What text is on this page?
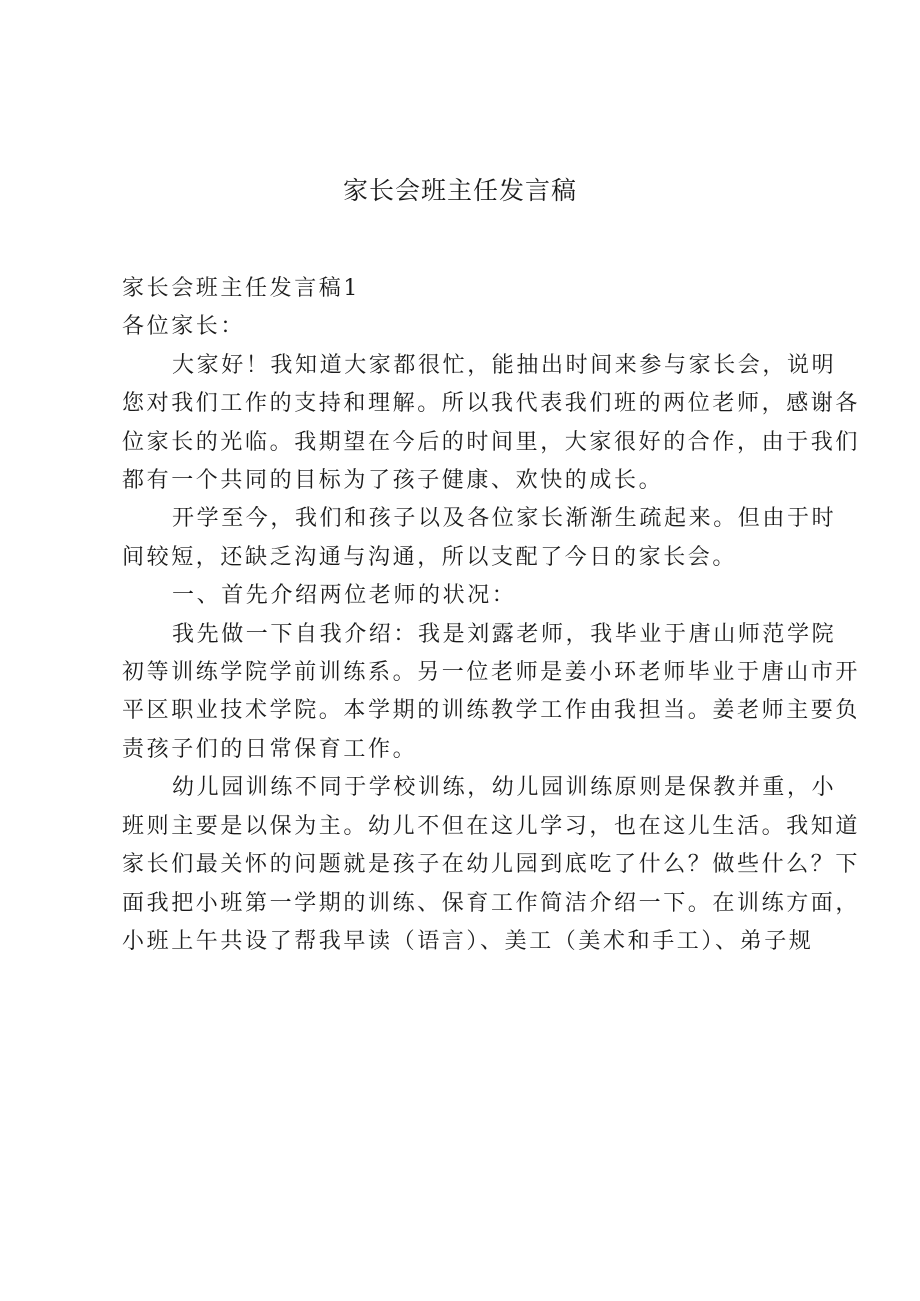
家长会班主任发言稿

家长会班主任发言稿1

各位家长：

大家好！我知道大家都很忙，能抽出时间来参与家长会，说明

您对我们工作的支持和理解。所以我代表我们班的两位老师，感谢各

位家长的光临。我期望在今后的时间里，大家很好的合作，由于我们

都有一个共同的目标为了孩子健康、欢快的成长。

开学至今，我们和孩子以及各位家长渐渐生疏起来。但由于时

间较短，还缺乏沟通与沟通，所以支配了今日的家长会。

一、首先介绍两位老师的状况：

我先做一下自我介绍：我是刘露老师，我毕业于唐山师范学院

初等训练学院学前训练系。另一位老师是姜小环老师毕业于唐山市开

平区职业技术学院。本学期的训练教学工作由我担当。姜老师主要负

责孩子们的日常保育工作。

幼儿园训练不同于学校训练，幼儿园训练原则是保教并重，小

班则主要是以保为主。幼儿不但在这儿学习，也在这儿生活。我知道

家长们最关怀的问题就是孩子在幼儿园到底吃了什么？做些什么？下

面我把小班第一学期的训练、保育工作简洁介绍一下。在训练方面，

小班上午共设了帮我早读（语言）、美工（美术和手工）、弟子规
